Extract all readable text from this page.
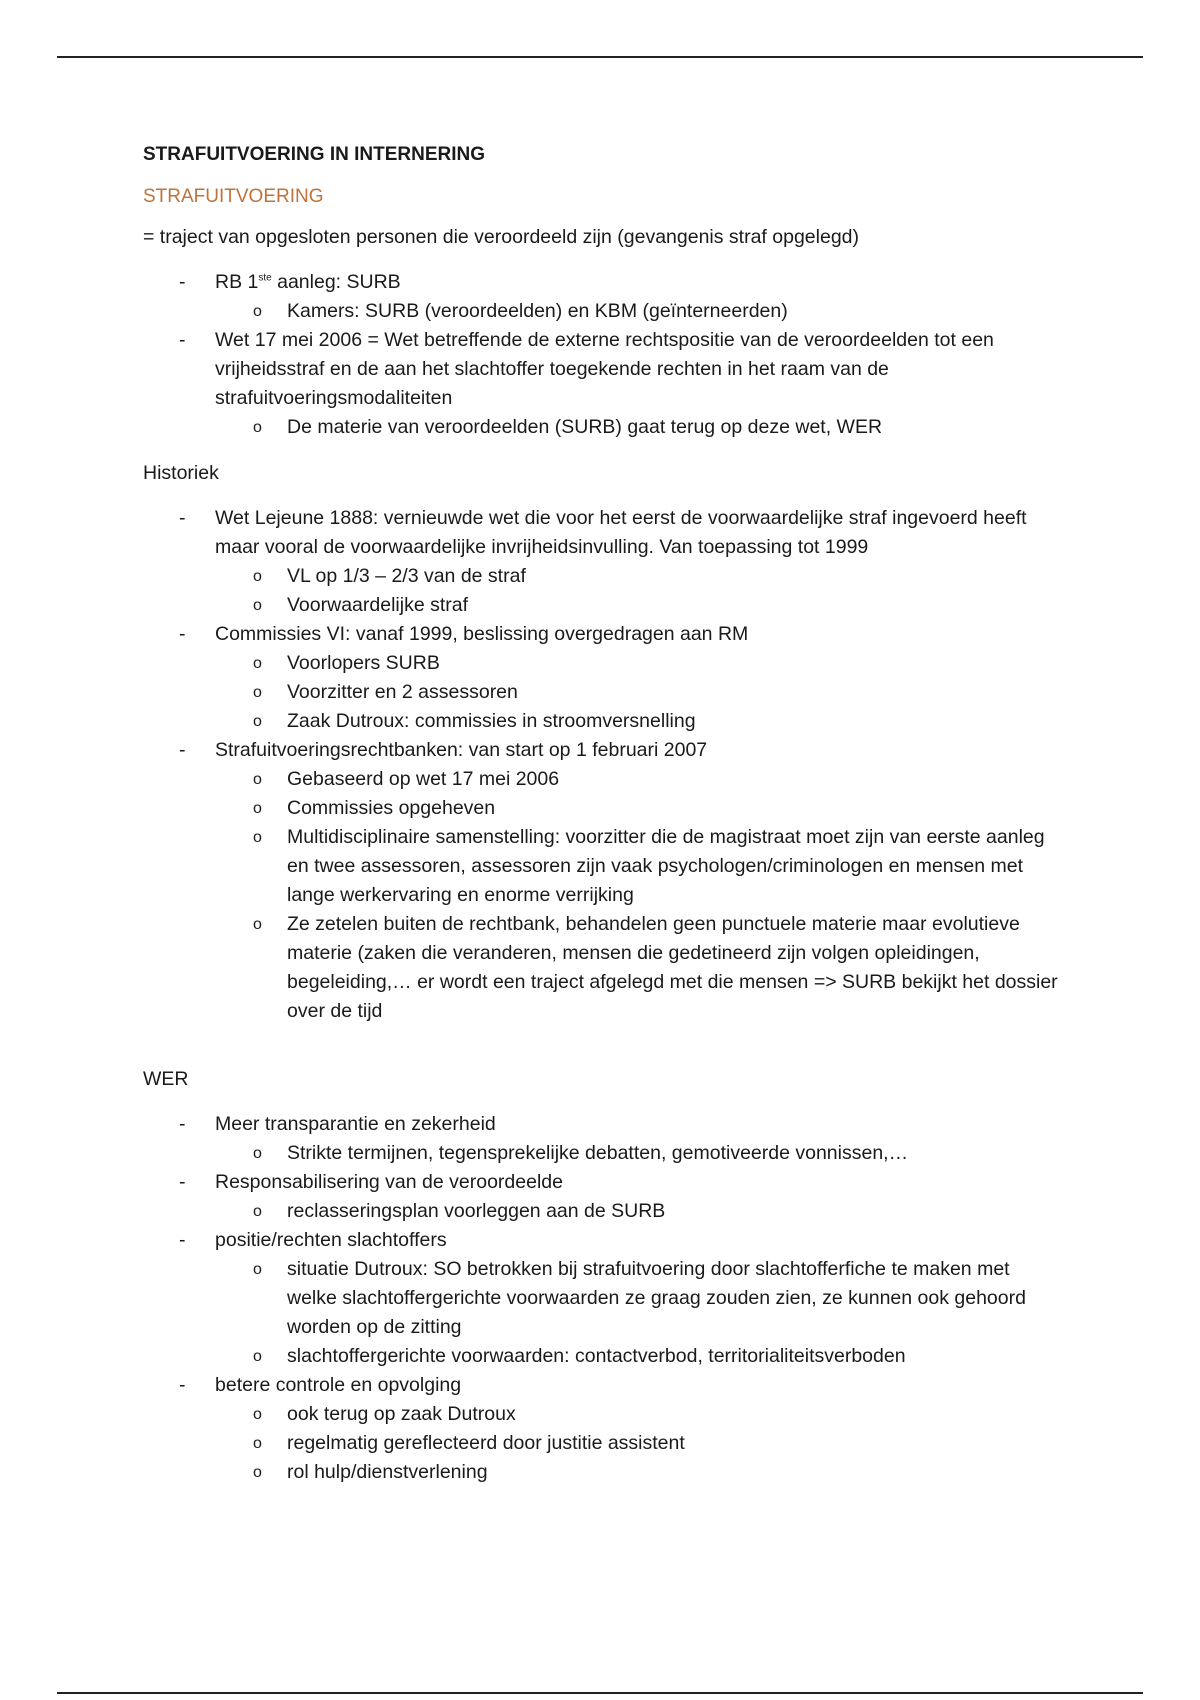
STRAFUITVOERING IN INTERNERING
STRAFUITVOERING
= traject van opgesloten personen die veroordeeld zijn (gevangenis straf opgelegd)
- RB 1ste aanleg: SURB
o Kamers: SURB (veroordeelden) en KBM (geïnterneerden)
- Wet 17 mei 2006 = Wet betreffende de externe rechtspositie van de veroordeelden tot een vrijheidsstraf en de aan het slachtoffer toegekende rechten in het raam van de strafuitvoeringsmodaliteiten
o De materie van veroordeelden (SURB) gaat terug op deze wet, WER
Historiek
- Wet Lejeune 1888: vernieuwde wet die voor het eerst de voorwaardelijke straf ingevoerd heeft maar vooral de voorwaardelijke invrijheidsinvulling. Van toepassing tot 1999
o VL op 1/3 – 2/3 van de straf
o Voorwaardelijke straf
- Commissies VI: vanaf 1999, beslissing overgedragen aan RM
o Voorlopers SURB
o Voorzitter en 2 assessoren
o Zaak Dutroux: commissies in stroomversnelling
- Strafuitvoeringsrechtbanken: van start op 1 februari 2007
o Gebaseerd op wet 17 mei 2006
o Commissies opgeheven
o Multidisciplinaire samenstelling: voorzitter die de magistraat moet zijn van eerste aanleg en twee assessoren, assessoren zijn vaak psychologen/criminologen en mensen met lange werkervaring en enorme verrijking
o Ze zetelen buiten de rechtbank, behandelen geen punctuele materie maar evolutieve materie (zaken die veranderen, mensen die gedetineerd zijn volgen opleidingen, begeleiding,… er wordt een traject afgelegd met die mensen => SURB bekijkt het dossier over de tijd
WER
- Meer transparantie en zekerheid
o Strikte termijnen, tegensprekelijke debatten, gemotiveerde vonnissen,…
- Responsabilisering van de veroordeelde
o reclasseringsplan voorleggen aan de SURB
- positie/rechten slachtoffers
o situatie Dutroux: SO betrokken bij strafuitvoering door slachtofferfiche te maken met welke slachtoffergerichte voorwaarden ze graag zouden zien, ze kunnen ook gehoord worden op de zitting
o slachtoffergerichte voorwaarden: contactverbod, territorialiteitsverboden
- betere controle en opvolging
o ook terug op zaak Dutroux
o regelmatig gereflecteerd door justitie assistent
o rol hulp/dienstverlening
